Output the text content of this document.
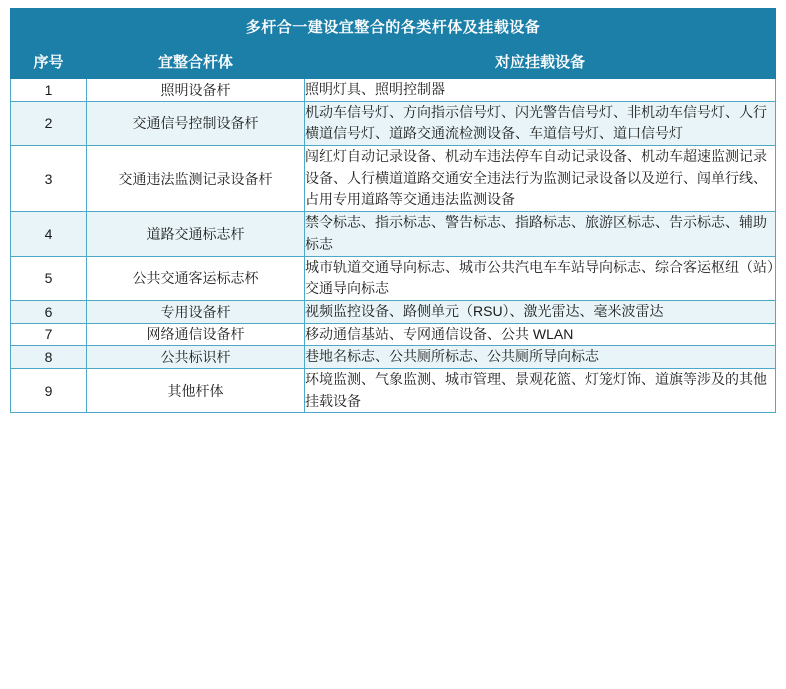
多杆合一建设宜整合的各类杆体及挂载设备		
序号	宜整合杆体	对应挂载设备
1	照明设备杆	照明灯具、照明控制器
2	交通信号控制设备杆	机动车信号灯、方向指示信号灯、闪光警告信号灯、非机动车信号灯、人行横道信号灯、道路交通流检测设备、车道信号灯、道口信号灯
3	交通违法监测记录设备杆	闯红灯自动记录设备、机动车违法停车自动记录设备、机动车超速监测记录设备、人行横道道路交通安全违法行为监测记录设备以及逆行、闯单行线、占用专用道路等交通违法监测设备
4	道路交通标志杆	禁令标志、指示标志、警告标志、指路标志、旅游区标志、告示标志、辅助标志
5	公共交通客运标志杯	城市轨道交通导向标志、城市公共汽电车车站导向标志、综合客运枢纽（站）交通导向标志
6	专用设备杆	视频监控设备、路侧单元（RSU）、激光雷达、毫米波雷达
7	网络通信设备杆	移动通信基站、专网通信设备、公共 WLAN
8	公共标识杆	巷地名标志、公共厕所标志、公共厕所导向标志
9	其他杆体	环境监测、气象监测、城市管理、景观花篮、灯笼灯饰、道旗等涉及的其他挂载设备
